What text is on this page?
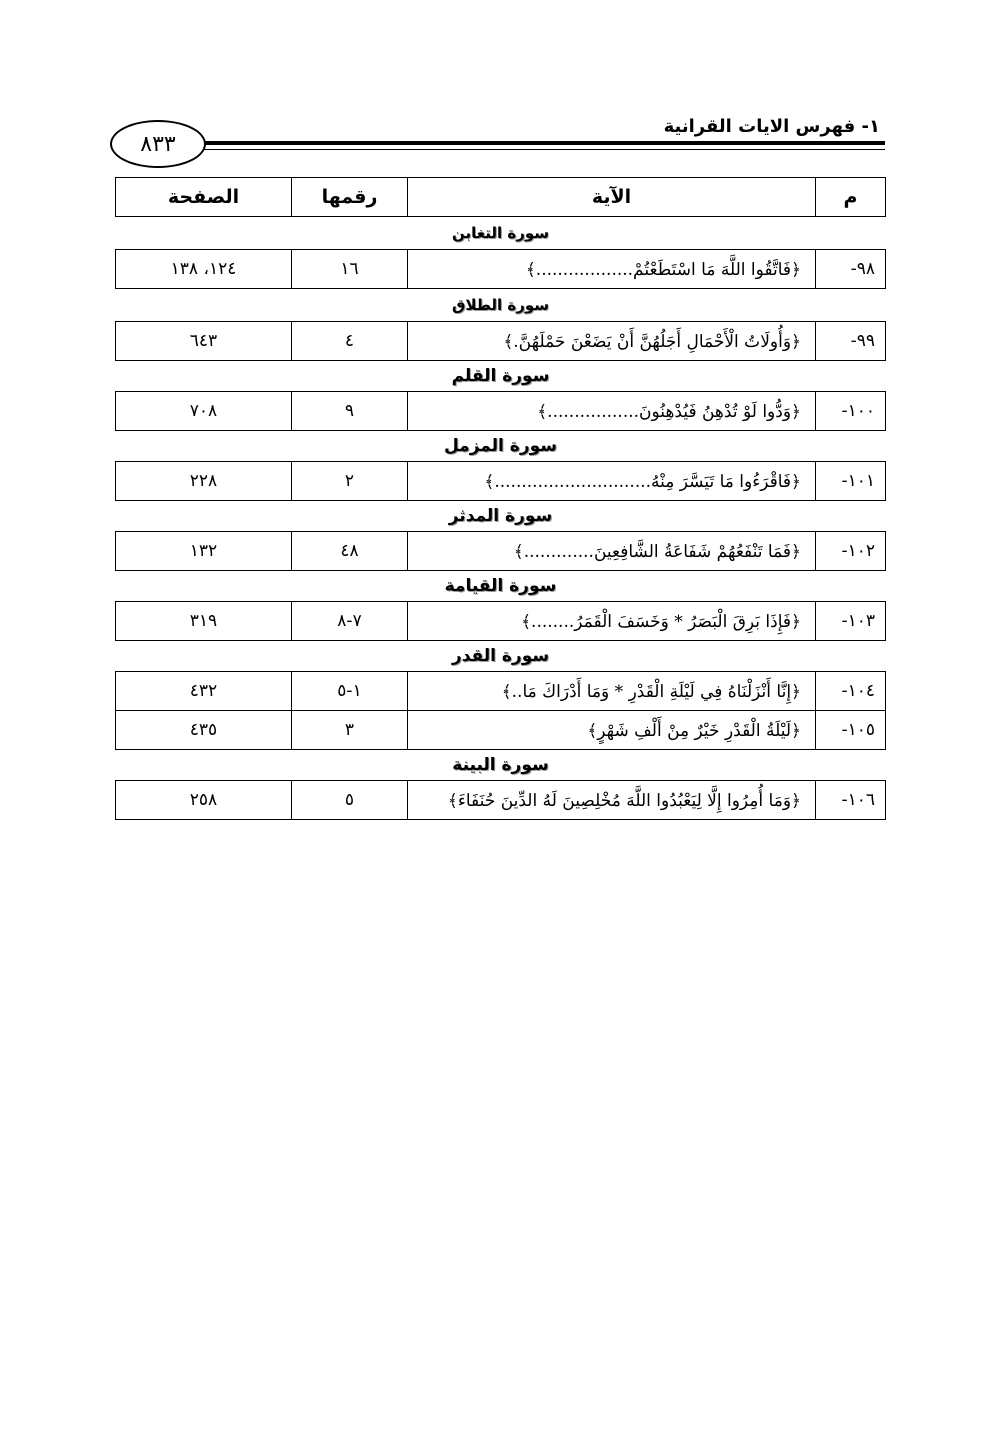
١- فهرس الايات القرانية
٨٣٣
م	الآية	رقمها	الصفحة
سورة التغابن			
٩٨-	﴿فَاتَّقُوا اللَّهَ مَا اسْتَطَعْتُمْ..................﴾	١٦	١٢٤، ١٣٨
سورة الطلاق			
٩٩-	﴿وَأُولَاتُ الْأَحْمَالِ أَجَلُهُنَّ أَنْ يَضَعْنَ حَمْلَهُنَّ.﴾	٤	٦٤٣
سورة القلم			
١٠٠-	﴿وَدُّوا لَوْ تُدْهِنُ فَيُدْهِنُونَ.................﴾	٩	٧٠٨
سورة المزمل			
١٠١-	﴿فَاقْرَءُوا مَا تَيَسَّرَ مِنْهُ.............................﴾	٢	٢٢٨
سورة المدثر			
١٠٢-	﴿فَمَا تَنْفَعُهُمْ شَفَاعَةُ الشَّافِعِينَ.............﴾	٤٨	١٣٢
سورة القيامة			
١٠٣-	﴿فَإِذَا بَرِقَ الْبَصَرُ * وَخَسَفَ الْقَمَرُ........﴾	٧-٨	٣١٩
سورة القدر			
١٠٤-	﴿إِنَّا أَنْزَلْنَاهُ فِي لَيْلَةِ الْقَدْرِ * وَمَا أَدْرَاكَ مَا..﴾	١-٥	٤٣٢
١٠٥-	﴿لَيْلَةُ الْقَدْرِ خَيْرٌ مِنْ أَلْفِ شَهْرٍ﴾	٣	٤٣٥
سورة البينة			
١٠٦-	﴿وَمَا أُمِرُوا إِلَّا لِيَعْبُدُوا اللَّهَ مُخْلِصِينَ لَهُ الدِّينَ حُنَفَاءَ﴾	٥	٢٥٨
